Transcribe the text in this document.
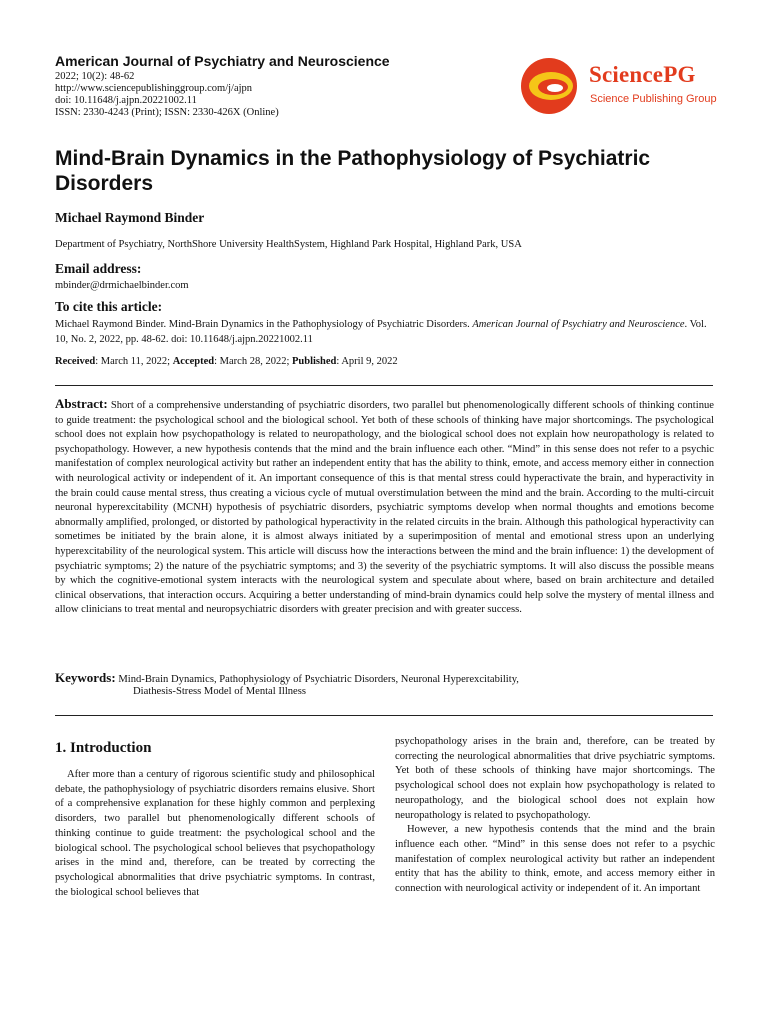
American Journal of Psychiatry and Neuroscience
2022; 10(2): 48-62
http://www.sciencepublishinggroup.com/j/ajpn
doi: 10.11648/j.ajpn.20221002.11
ISSN: 2330-4243 (Print); ISSN: 2330-426X (Online)
SciencePG
Science Publishing Group
Mind-Brain Dynamics in the Pathophysiology of Psychiatric Disorders
Michael Raymond Binder
Department of Psychiatry, NorthShore University HealthSystem, Highland Park Hospital, Highland Park, USA
Email address:
mbinder@drmichaelbinder.com
To cite this article:
Michael Raymond Binder. Mind-Brain Dynamics in the Pathophysiology of Psychiatric Disorders. American Journal of Psychiatry and Neuroscience. Vol. 10, No. 2, 2022, pp. 48-62. doi: 10.11648/j.ajpn.20221002.11
Received: March 11, 2022; Accepted: March 28, 2022; Published: April 9, 2022
Abstract: Short of a comprehensive understanding of psychiatric disorders, two parallel but phenomenologically different schools of thinking continue to guide treatment: the psychological school and the biological school. Yet both of these schools of thinking have major shortcomings. The psychological school does not explain how psychopathology is related to neuropathology, and the biological school does not explain how neuropathology is related to psychopathology. However, a new hypothesis contends that the mind and the brain influence each other. “Mind” in this sense does not refer to a psychic manifestation of complex neurological activity but rather an independent entity that has the ability to think, emote, and access memory either in connection with neurological activity or independent of it. An important consequence of this is that mental stress could hyperactivate the brain, and hyperactivity in the brain could cause mental stress, thus creating a vicious cycle of mutual overstimulation between the mind and the brain. According to the multi-circuit neuronal hyperexcitability (MCNH) hypothesis of psychiatric disorders, psychiatric symptoms develop when normal thoughts and emotions become abnormally amplified, prolonged, or distorted by pathological hyperactivity in the related circuits in the brain. Although this pathological hyperactivity can sometimes be initiated by the brain alone, it is almost always initiated by a superimposition of mental and emotional stress upon an underlying hyperexcitability of the neurological system. This article will discuss how the interactions between the mind and the brain influence: 1) the development of psychiatric symptoms; 2) the nature of the psychiatric symptoms; and 3) the severity of the psychiatric symptoms. It will also discuss the possible means by which the cognitive-emotional system interacts with the neurological system and speculate about where, based on brain architecture and detailed clinical observations, that interaction occurs. Acquiring a better understanding of mind-brain dynamics could help solve the mystery of mental illness and allow clinicians to treat mental and neuropsychiatric disorders with greater precision and with greater success.
Keywords: Mind-Brain Dynamics, Pathophysiology of Psychiatric Disorders, Neuronal Hyperexcitability,
Diathesis-Stress Model of Mental Illness
1. Introduction

After more than a century of rigorous scientific study and philosophical debate, the pathophysiology of psychiatric disorders remains elusive. Short of a comprehensive explanation for these highly common and perplexing disorders, two parallel but phenomenologically different schools of thinking continue to guide treatment: the psychological school and the biological school. The psychological school believes that psychopathology arises in the mind and, therefore, can be treated by correcting the psychological abnormalities that drive psychiatric symptoms. In contrast, the biological school believes that

psychopathology arises in the brain and, therefore, can be treated by correcting the neurological abnormalities that drive psychiatric symptoms. Yet both of these schools of thinking have major shortcomings. The psychological school does not explain how psychopathology is related to neuropathology, and the biological school does not explain how neuropathology is related to psychopathology.

However, a new hypothesis contends that the mind and the brain influence each other. “Mind” in this sense does not refer to a psychic manifestation of complex neurological activity but rather an independent entity that has the ability to think, emote, and access memory either in connection with neurological activity or independent of it. An important
